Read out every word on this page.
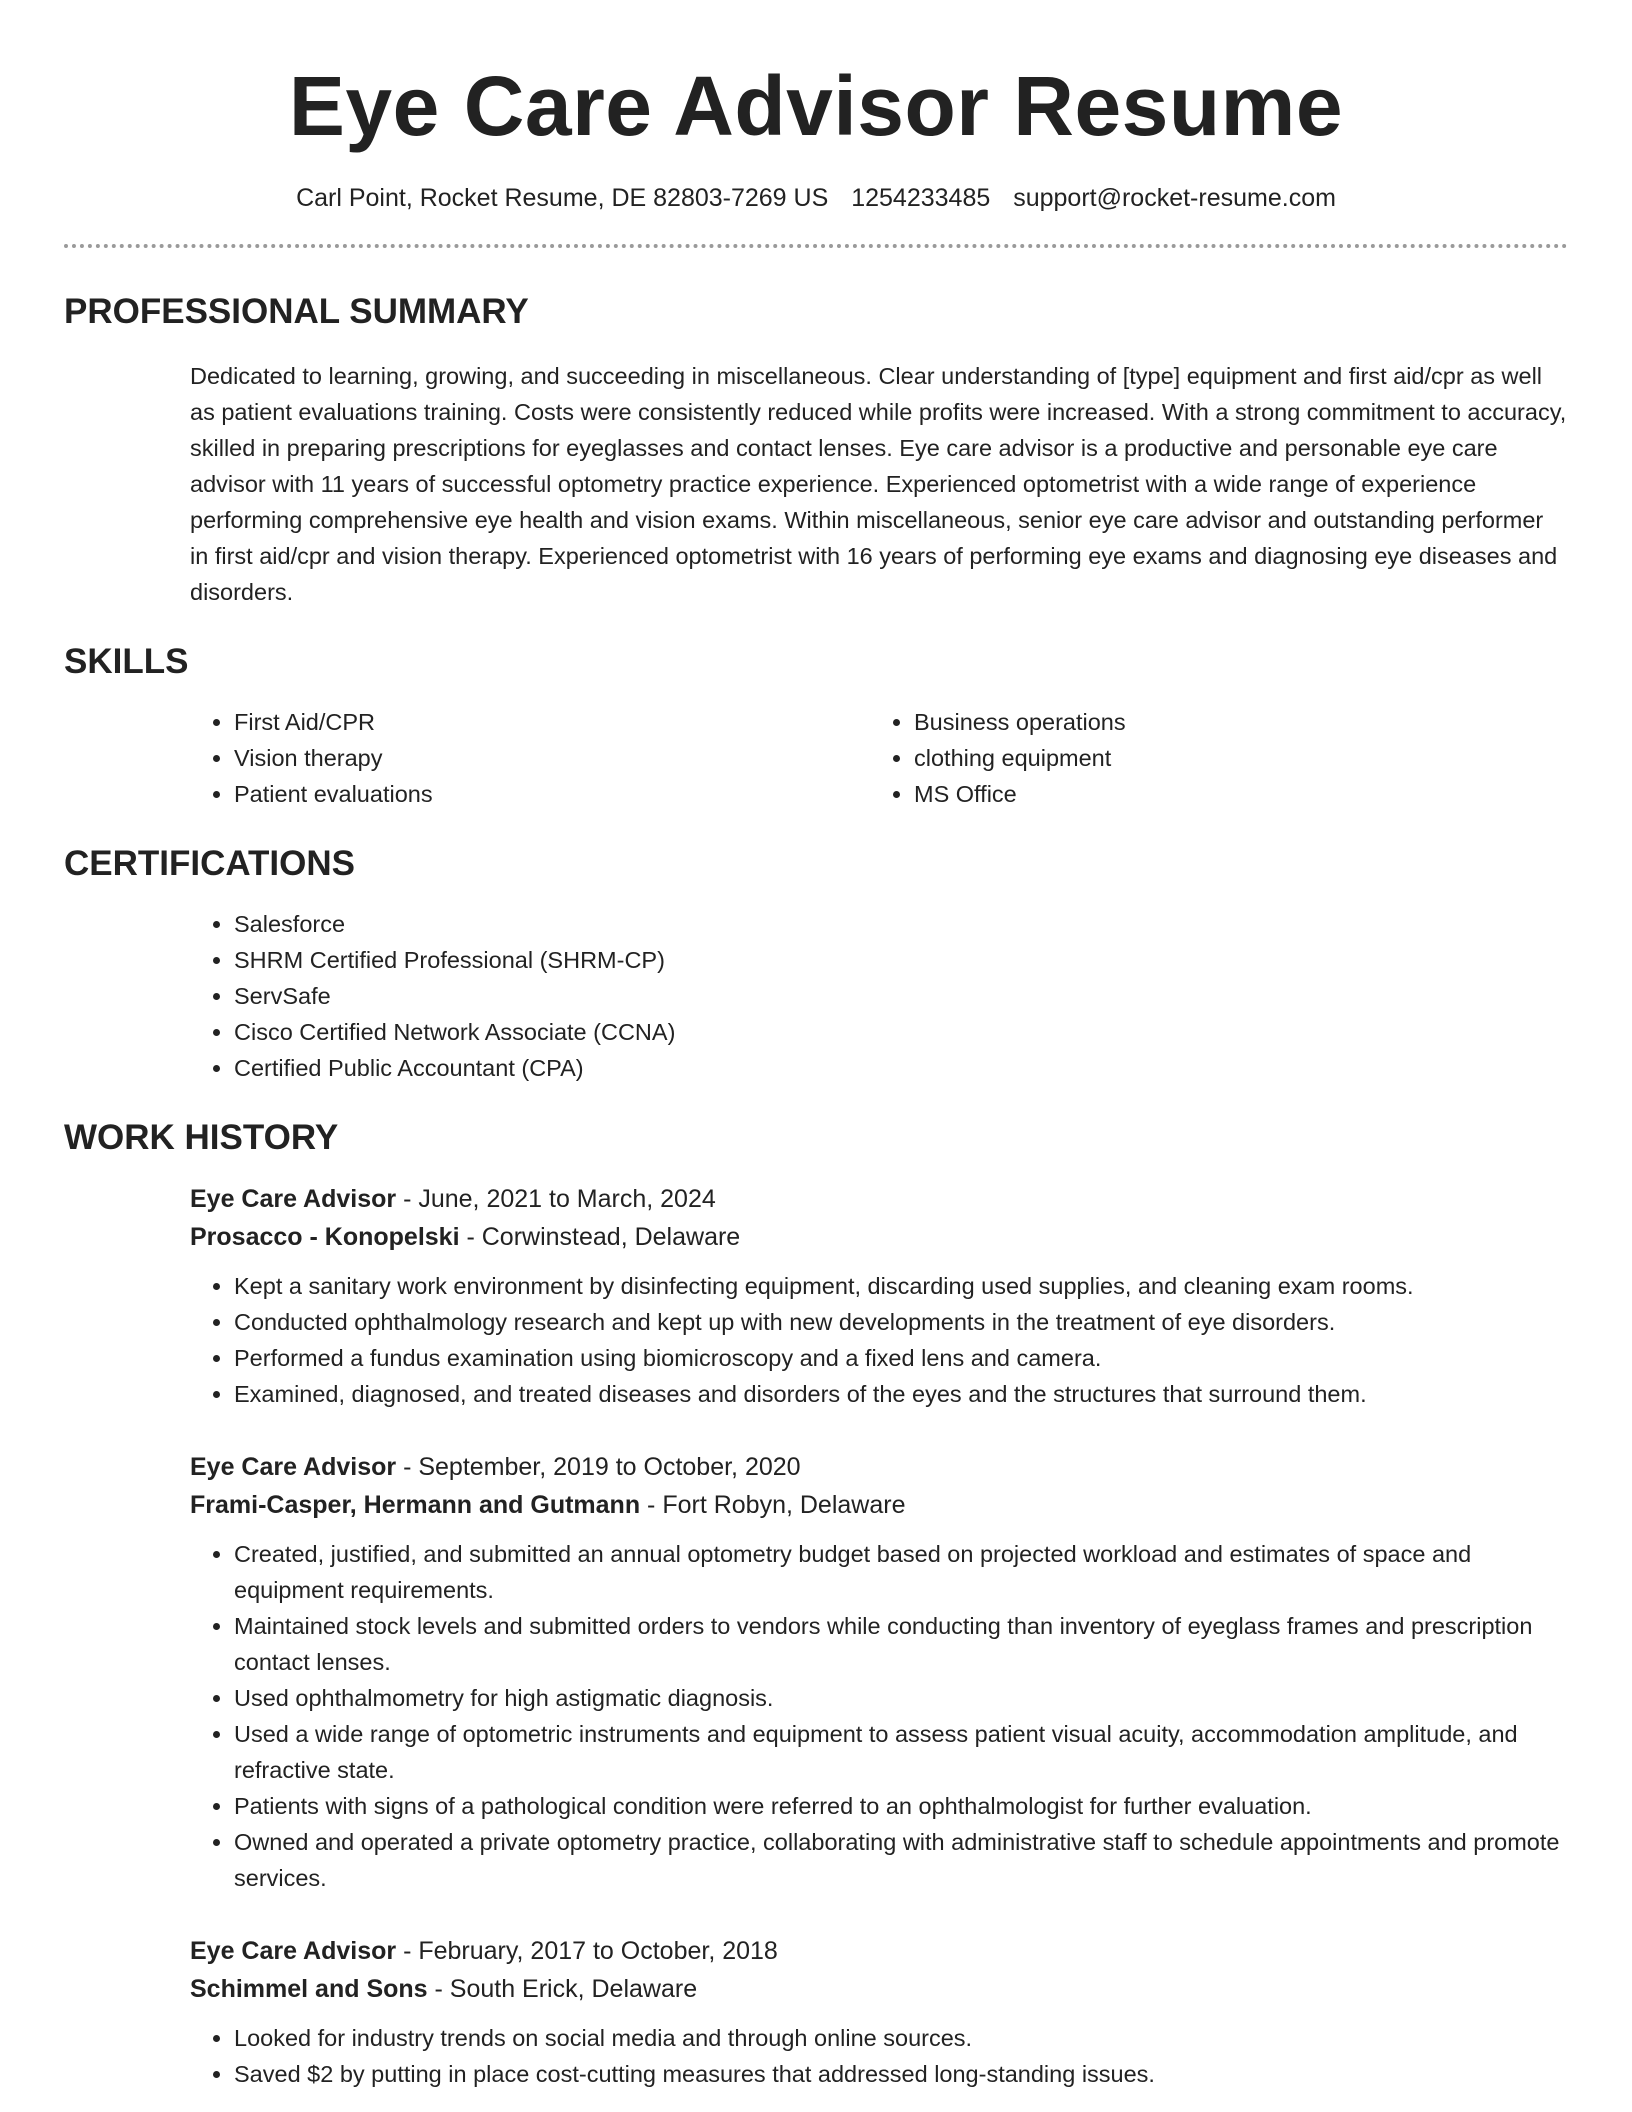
Eye Care Advisor Resume
Carl Point, Rocket Resume, DE 82803-7269 US 1254233485 support@rocket-resume.com
PROFESSIONAL SUMMARY
Dedicated to learning, growing, and succeeding in miscellaneous. Clear understanding of [type] equipment and first aid/cpr as well as patient evaluations training. Costs were consistently reduced while profits were increased. With a strong commitment to accuracy, skilled in preparing prescriptions for eyeglasses and contact lenses. Eye care advisor is a productive and personable eye care advisor with 11 years of successful optometry practice experience. Experienced optometrist with a wide range of experience performing comprehensive eye health and vision exams. Within miscellaneous, senior eye care advisor and outstanding performer in first aid/cpr and vision therapy. Experienced optometrist with 16 years of performing eye exams and diagnosing eye diseases and disorders.
SKILLS
• First Aid/CPR
• Vision therapy
• Patient evaluations
• Business operations
• clothing equipment
• MS Office
CERTIFICATIONS
• Salesforce
• SHRM Certified Professional (SHRM-CP)
• ServSafe
• Cisco Certified Network Associate (CCNA)
• Certified Public Accountant (CPA)
WORK HISTORY
Eye Care Advisor - June, 2021 to March, 2024
Prosacco - Konopelski - Corwinstead, Delaware
• Kept a sanitary work environment by disinfecting equipment, discarding used supplies, and cleaning exam rooms.
• Conducted ophthalmology research and kept up with new developments in the treatment of eye disorders.
• Performed a fundus examination using biomicroscopy and a fixed lens and camera.
• Examined, diagnosed, and treated diseases and disorders of the eyes and the structures that surround them.
Eye Care Advisor - September, 2019 to October, 2020
Frami-Casper, Hermann and Gutmann - Fort Robyn, Delaware
• Created, justified, and submitted an annual optometry budget based on projected workload and estimates of space and equipment requirements.
• Maintained stock levels and submitted orders to vendors while conducting than inventory of eyeglass frames and prescription contact lenses.
• Used ophthalmometry for high astigmatic diagnosis.
• Used a wide range of optometric instruments and equipment to assess patient visual acuity, accommodation amplitude, and refractive state.
• Patients with signs of a pathological condition were referred to an ophthalmologist for further evaluation.
• Owned and operated a private optometry practice, collaborating with administrative staff to schedule appointments and promote services.
Eye Care Advisor - February, 2017 to October, 2018
Schimmel and Sons - South Erick, Delaware
• Looked for industry trends on social media and through online sources.
• Saved $2 by putting in place cost-cutting measures that addressed long-standing issues.
